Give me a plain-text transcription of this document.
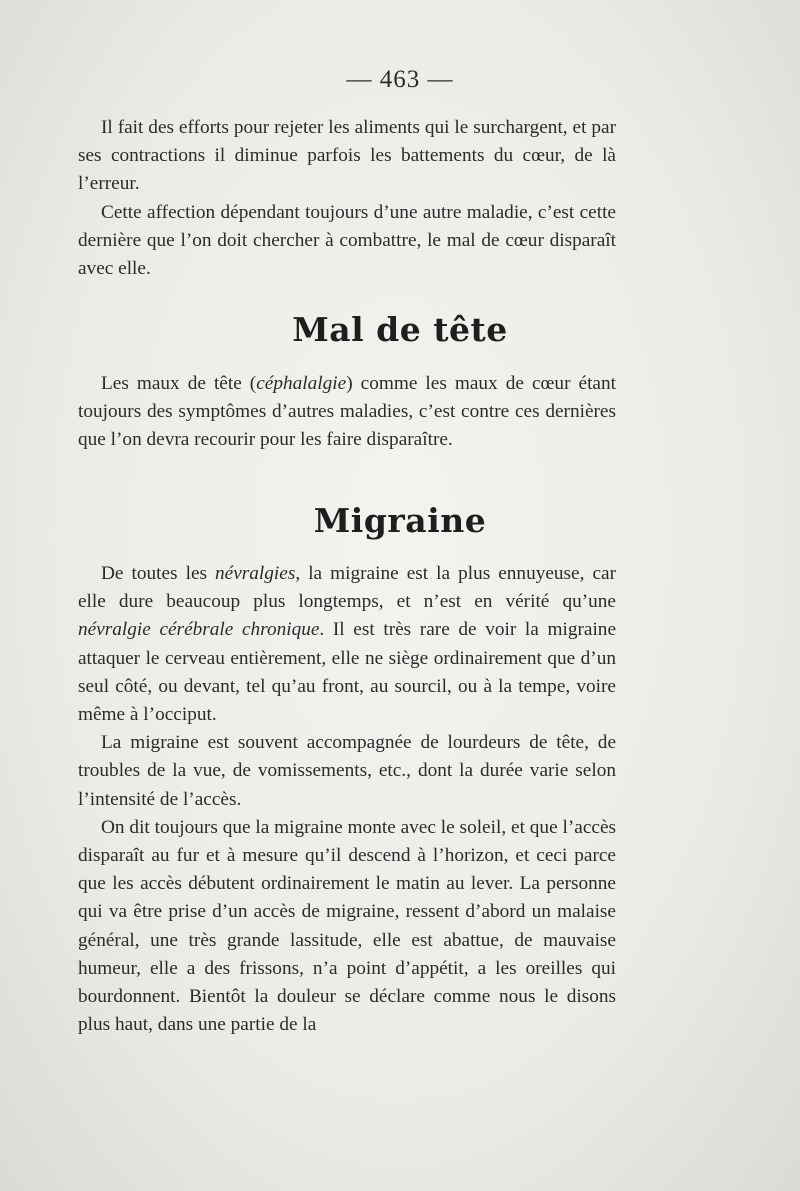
— 463 —

Il fait des efforts pour rejeter les aliments qui le surchargent, et par ses contractions il diminue parfois les battements du cœur, de là l’erreur.

Cette affection dépendant toujours d’une autre maladie, c’est cette dernière que l’on doit chercher à combattre, le mal de cœur disparaît avec elle.

Mal de tête

Les maux de tête (céphalalgie) comme les maux de cœur étant toujours des symptômes d’autres maladies, c’est contre ces dernières que l’on devra recourir pour les faire disparaître.

Migraine

De toutes les névralgies, la migraine est la plus ennuyeuse, car elle dure beaucoup plus longtemps, et n’est en vérité qu’une névralgie cérébrale chronique. Il est très rare de voir la migraine attaquer le cerveau entièrement, elle ne siège ordinairement que d’un seul côté, ou devant, tel qu’au front, au sourcil, ou à la tempe, voire même à l’occiput.

La migraine est souvent accompagnée de lourdeurs de tête, de troubles de la vue, de vomissements, etc., dont la durée varie selon l’intensité de l’accès.

On dit toujours que la migraine monte avec le soleil, et que l’accès disparaît au fur et à mesure qu’il descend à l’horizon, et ceci parce que les accès débutent ordinairement le matin au lever. La personne qui va être prise d’un accès de migraine, ressent d’abord un malaise général, une très grande lassitude, elle est abattue, de mauvaise humeur, elle a des frissons, n’a point d’appétit, a les oreilles qui bourdonnent. Bientôt la douleur se déclare comme nous le disons plus haut, dans une partie de la
